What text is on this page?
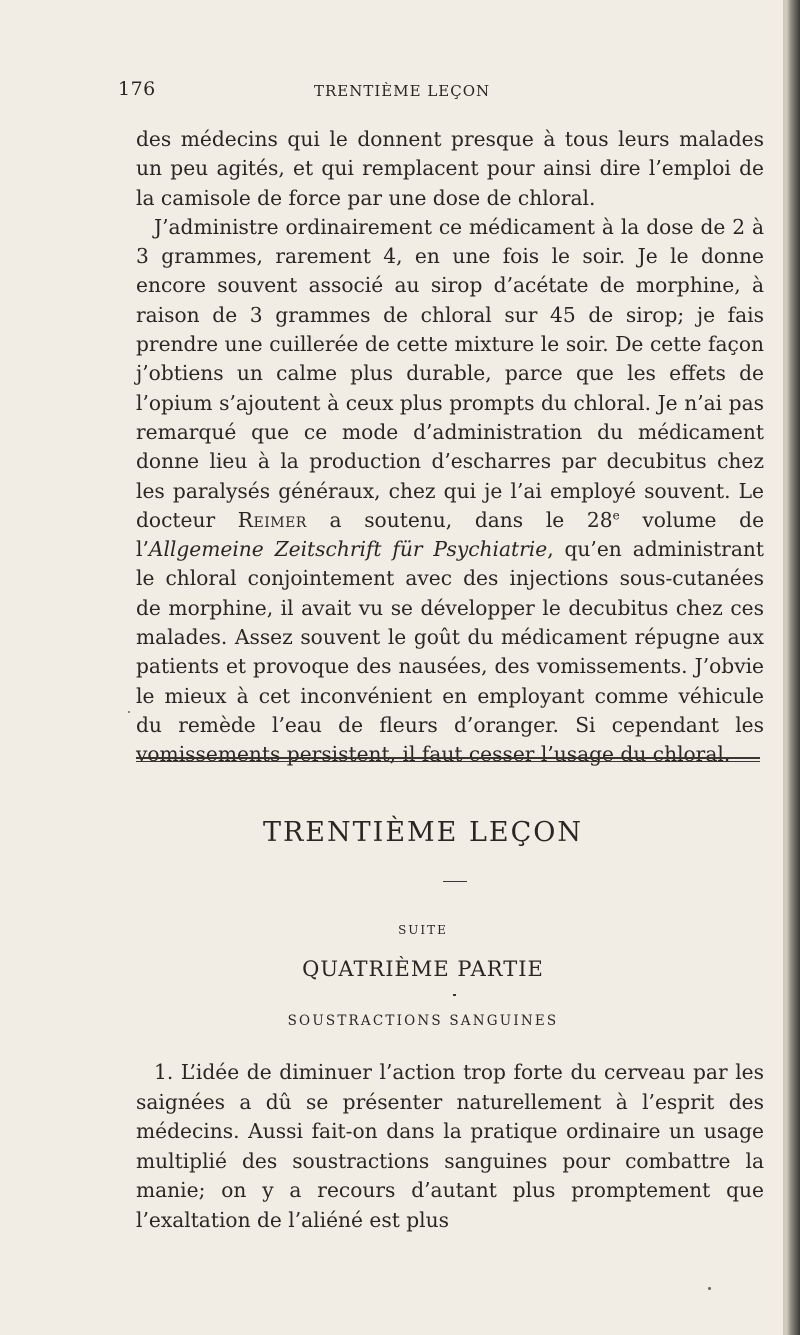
176	TRENTIÈME LEÇON

des médecins qui le donnent presque à tous leurs malades un peu agités, et qui remplacent pour ainsi dire l’emploi de la camisole de force par une dose de chloral.

J’administre ordinairement ce médicament à la dose de 2 à 3 grammes, rarement 4, en une fois le soir. Je le donne encore souvent associé au sirop d’acétate de morphine, à raison de 3 grammes de chloral sur 45 de sirop; je fais prendre une cuillerée de cette mixture le soir. De cette façon j’obtiens un calme plus durable, parce que les effets de l’opium s’ajoutent à ceux plus prompts du chloral. Je n’ai pas remarqué que ce mode d’administration du médicament donne lieu à la production d’escharres par decubitus chez les paralysés généraux, chez qui je l’ai employé souvent. Le docteur Reimer a soutenu, dans le 28e volume de l’Allgemeine Zeitschrift für Psychiatrie, qu’en administrant le chloral conjointement avec des injections sous-cutanées de morphine, il avait vu se développer le decubitus chez ces malades. Assez souvent le goût du médicament répugne aux patients et provoque des nausées, des vomissements. J’obvie le mieux à cet inconvénient en employant comme véhicule du remède l’eau de fleurs d’oranger. Si cependant les vomissements persistent, il faut cesser l’usage du chloral.

TRENTIÈME LEÇON
SUITE
QUATRIÈME PARTIE
SOUSTRACTIONS SANGUINES

1. L’idée de diminuer l’action trop forte du cerveau par les saignées a dû se présenter naturellement à l’esprit des médecins. Aussi fait-on dans la pratique ordinaire un usage multiplié des soustractions sanguines pour combattre la manie; on y a recours d’autant plus promptement que l’exaltation de l’aliéné est plus
